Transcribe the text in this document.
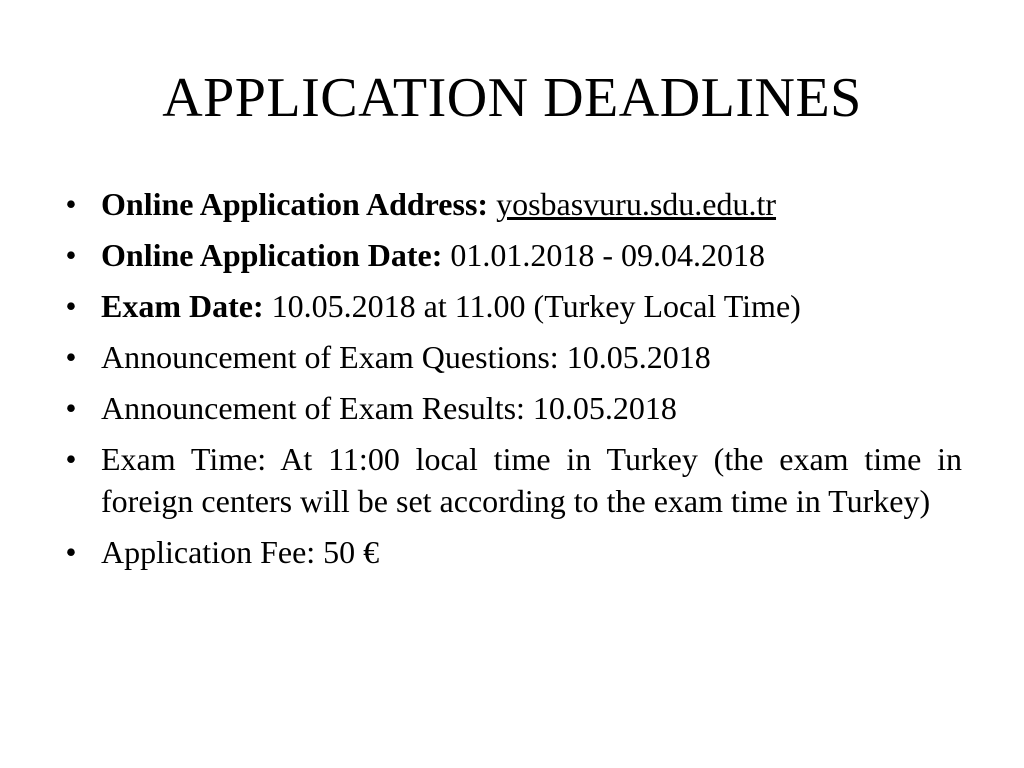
APPLICATION DEADLINES
• Online Application Address: yosbasvuru.sdu.edu.tr
• Online Application Date: 01.01.2018 - 09.04.2018
• Exam Date: 10.05.2018 at 11.00 (Turkey Local Time)
• Announcement of Exam Questions: 10.05.2018
• Announcement of Exam Results: 10.05.2018
• Exam Time: At 11:00 local time in Turkey (the exam time in foreign centers will be set according to the exam time in Turkey)
• Application Fee: 50 €
